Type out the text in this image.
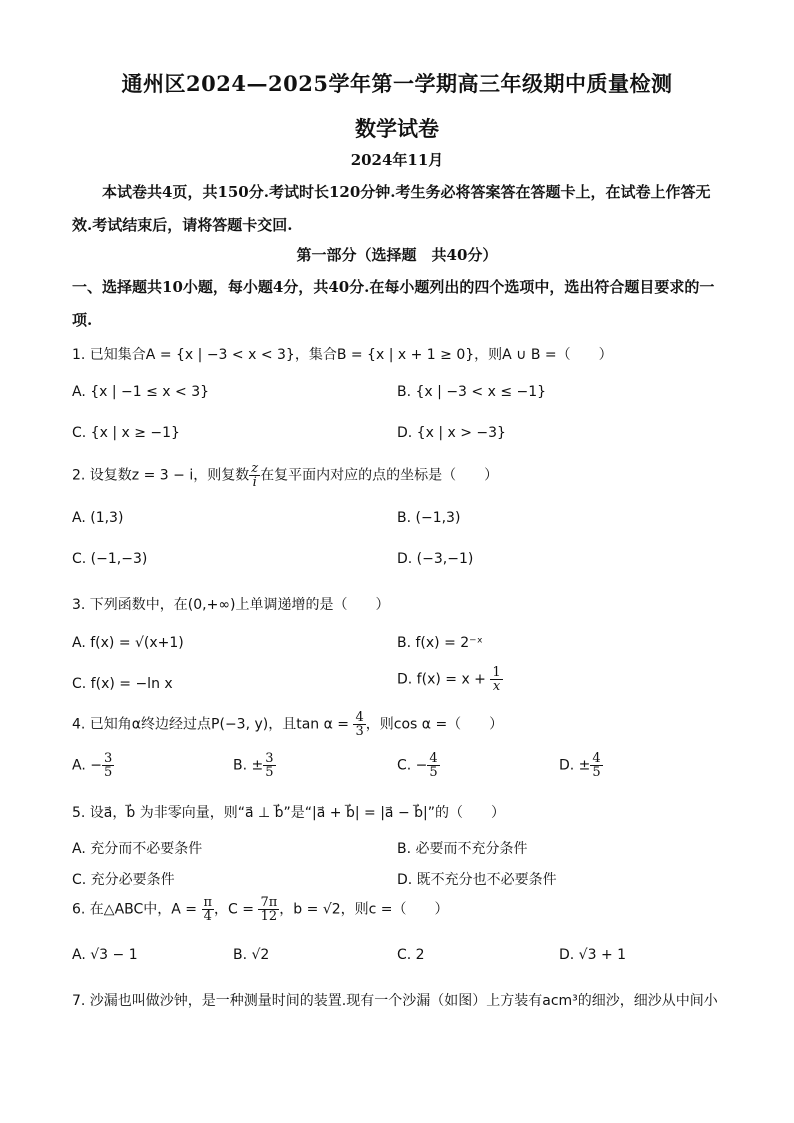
通州区2024—2025学年第一学期高三年级期中质量检测
数学试卷
2024年11月
本试卷共4页，共150分.考试时长120分钟.考生务必将答案答在答题卡上，在试卷上作答无效.考试结束后，请将答题卡交回.
第一部分（选择题　共40分）
一、选择题共10小题，每小题4分，共40分.在每小题列出的四个选项中，选出符合题目要求的一项.
1. 已知集合A = {x | −3 < x < 3}，集合B = {x | x + 1 ≥ 0}，则A ∪ B =（　　）
A. {x | −1 ≤ x < 3}	B. {x | −3 < x ≤ −1}
C. {x | x ≥ −1}	D. {x | x > −3}
2. 设复数z = 3 − i，则复数 $\frac{z}{i}$ 在复平面内对应的点的坐标是（　　）
A. (1,3)	B. (−1,3)
C. (−1,−3)	D. (−3,−1)
3. 下列函数中，在(0,+∞)上单调递增的是（　　）
A. f(x) = √(x+1)	B. f(x) = 2⁻ˣ
C. f(x) = −ln x	D. $f(x) = x + \frac{1}{x}$
4. 已知角α终边经过点P(−3, y)，且$\tan \alpha = \frac{4}{3}$ ，则cos α =（　　）
A. − $\frac{3}{5}$	B. ± $\frac{3}{5}$	C. − $\frac{4}{5}$	D. ± $\frac{4}{5}$
5. 设a⃗，b⃗ 为非零向量，则“a⃗ ⊥ b⃗”是“|a⃗ + b⃗| = |a⃗ − b⃗|”的（　　）
A. 充分而不必要条件	B. 必要而不充分条件
C. 充分必要条件	D. 既不充分也不必要条件
6. 在△ABC中，$A = \frac{\pi}{4}$ ，$C = \frac{7\pi}{12}$ ，b = √2，则c =（　　）
A. √3 − 1	B. √2	C. 2	D. √3 + 1
7. 沙漏也叫做沙钟，是一种测量时间的装置.现有一个沙漏（如图）上方装有acm³的细沙，细沙从中间小
